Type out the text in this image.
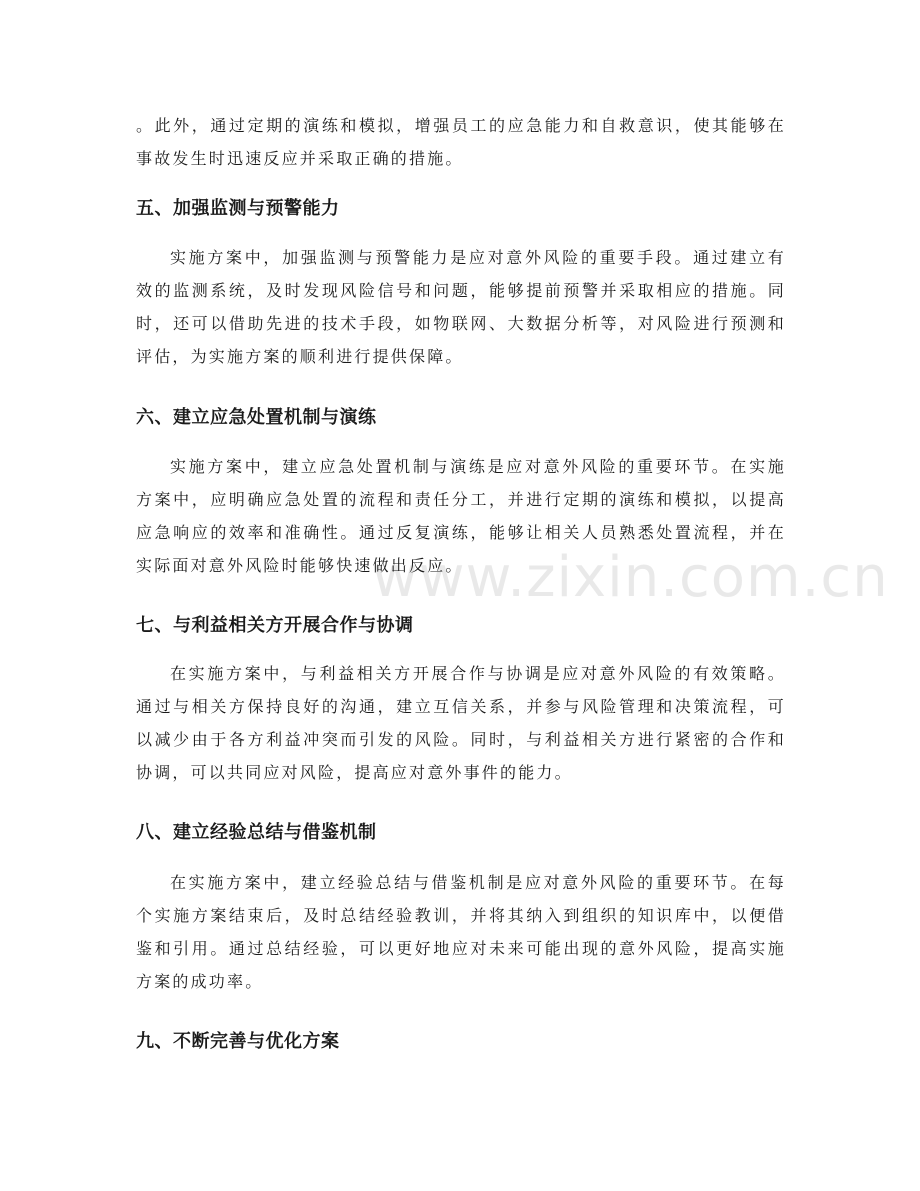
www.zixin.com.cn
。此外，通过定期的演练和模拟，增强员工的应急能力和自救意识，使其能够在事故发生时迅速反应并采取正确的措施。
五、加强监测与预警能力
实施方案中，加强监测与预警能力是应对意外风险的重要手段。通过建立有效的监测系统，及时发现风险信号和问题，能够提前预警并采取相应的措施。同时，还可以借助先进的技术手段，如物联网、大数据分析等，对风险进行预测和评估，为实施方案的顺利进行提供保障。
六、建立应急处置机制与演练
实施方案中，建立应急处置机制与演练是应对意外风险的重要环节。在实施方案中，应明确应急处置的流程和责任分工，并进行定期的演练和模拟，以提高应急响应的效率和准确性。通过反复演练，能够让相关人员熟悉处置流程，并在实际面对意外风险时能够快速做出反应。
七、与利益相关方开展合作与协调
在实施方案中，与利益相关方开展合作与协调是应对意外风险的有效策略。通过与相关方保持良好的沟通，建立互信关系，并参与风险管理和决策流程，可以减少由于各方利益冲突而引发的风险。同时，与利益相关方进行紧密的合作和协调，可以共同应对风险，提高应对意外事件的能力。
八、建立经验总结与借鉴机制
在实施方案中，建立经验总结与借鉴机制是应对意外风险的重要环节。在每个实施方案结束后，及时总结经验教训，并将其纳入到组织的知识库中，以便借鉴和引用。通过总结经验，可以更好地应对未来可能出现的意外风险，提高实施方案的成功率。
九、不断完善与优化方案
